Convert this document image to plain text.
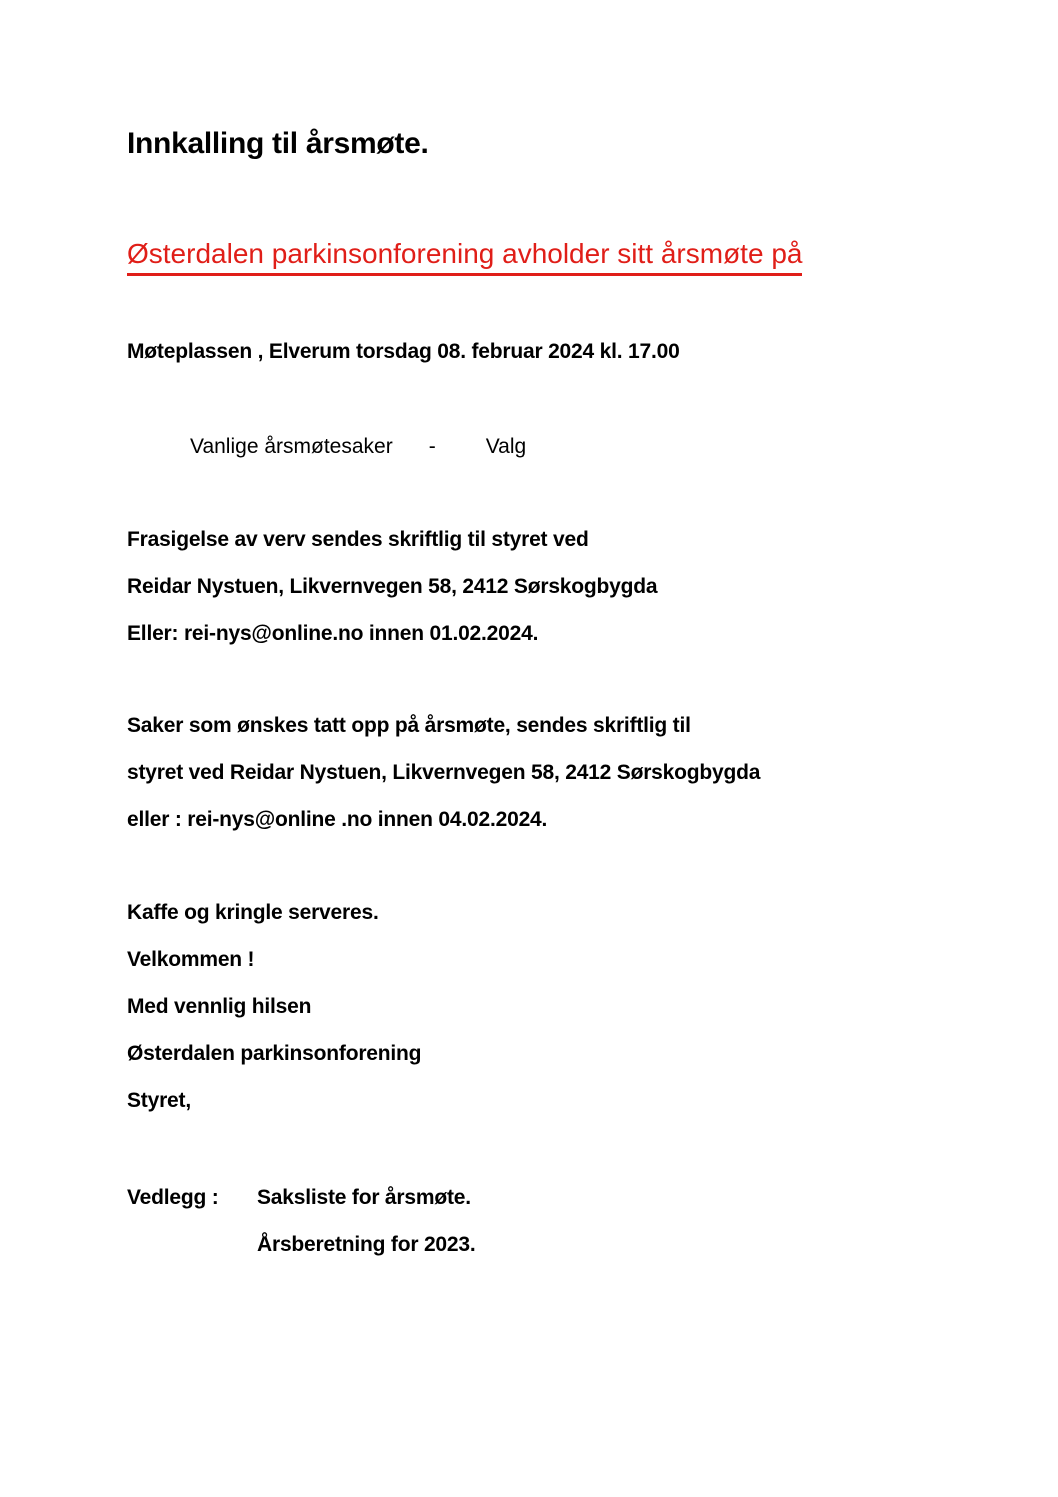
Innkalling til årsmøte.
Østerdalen parkinsonforening avholder sitt årsmøte på

Møteplassen , Elverum torsdag 08. februar 2024 kl. 17.00

Vanlige årsmøtesaker - Valg

Frasigelse av verv sendes skriftlig til styret ved

Reidar Nystuen, Likvernvegen 58, 2412 Sørskogbygda

Eller: rei-nys@online.no innen 01.02.2024.

Saker som ønskes tatt opp på årsmøte, sendes skriftlig til

styret ved Reidar Nystuen, Likvernvegen 58, 2412 Sørskogbygda

eller : rei-nys@online .no innen 04.02.2024.

Kaffe og kringle serveres.

Velkommen !

Med vennlig hilsen

Østerdalen parkinsonforening

Styret,

Vedlegg :	Saksliste for årsmøte.

Årsberetning for 2023.
